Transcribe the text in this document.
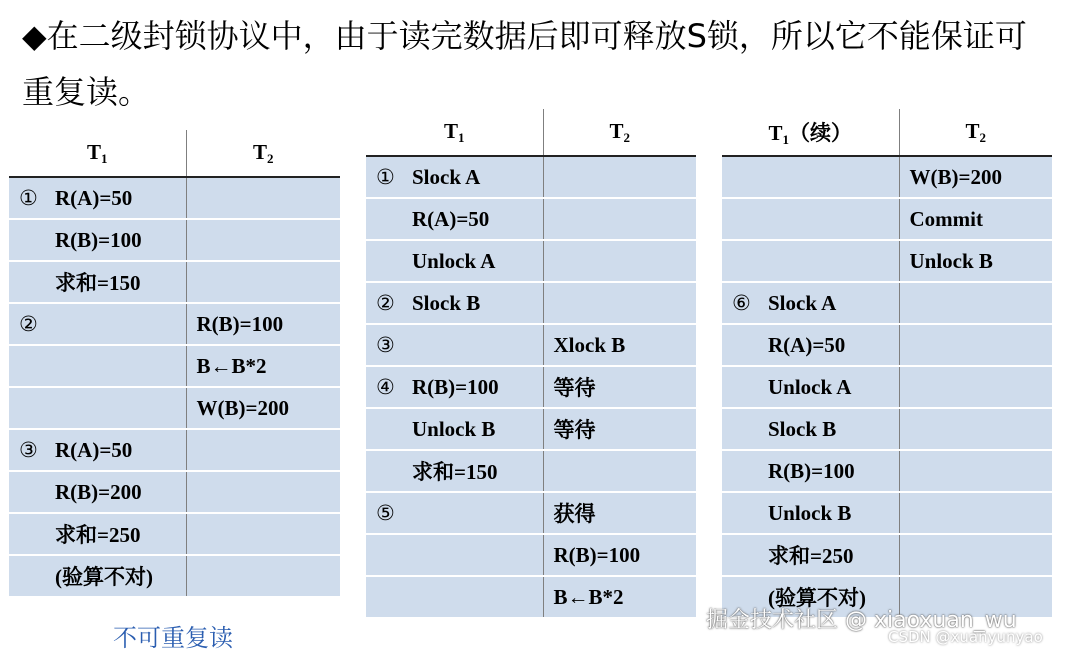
◆在二级封锁协议中，由于读完数据后即可释放S锁，所以它不能保证可重复读。
$T_1$	$T_2$
① R(A)=50	
R(B)=100	
求和=150	
②	R(B)=100
	B←B*2
	W(B)=200
③ R(A)=50	
R(B)=200	
求和=250	
(验算不对)	
$T_1$	$T_2$
① Slock A	
R(A)=50	
Unlock A	
② Slock B	
③	Xlock B
④ R(B)=100	等待
Unlock B	等待
求和=150	
⑤	获得
	R(B)=100
	B←B*2
$T_1$（续）	$T_2$
	W(B)=200
	Commit
	Unlock B
⑥ Slock A	
R(A)=50	
Unlock A	
Slock B	
R(B)=100	
Unlock B	
求和=250	
(验算不对)	
不可重复读
掘金技术社区 @ xiaoxuan_wu
CSDN @xuanyunyao
